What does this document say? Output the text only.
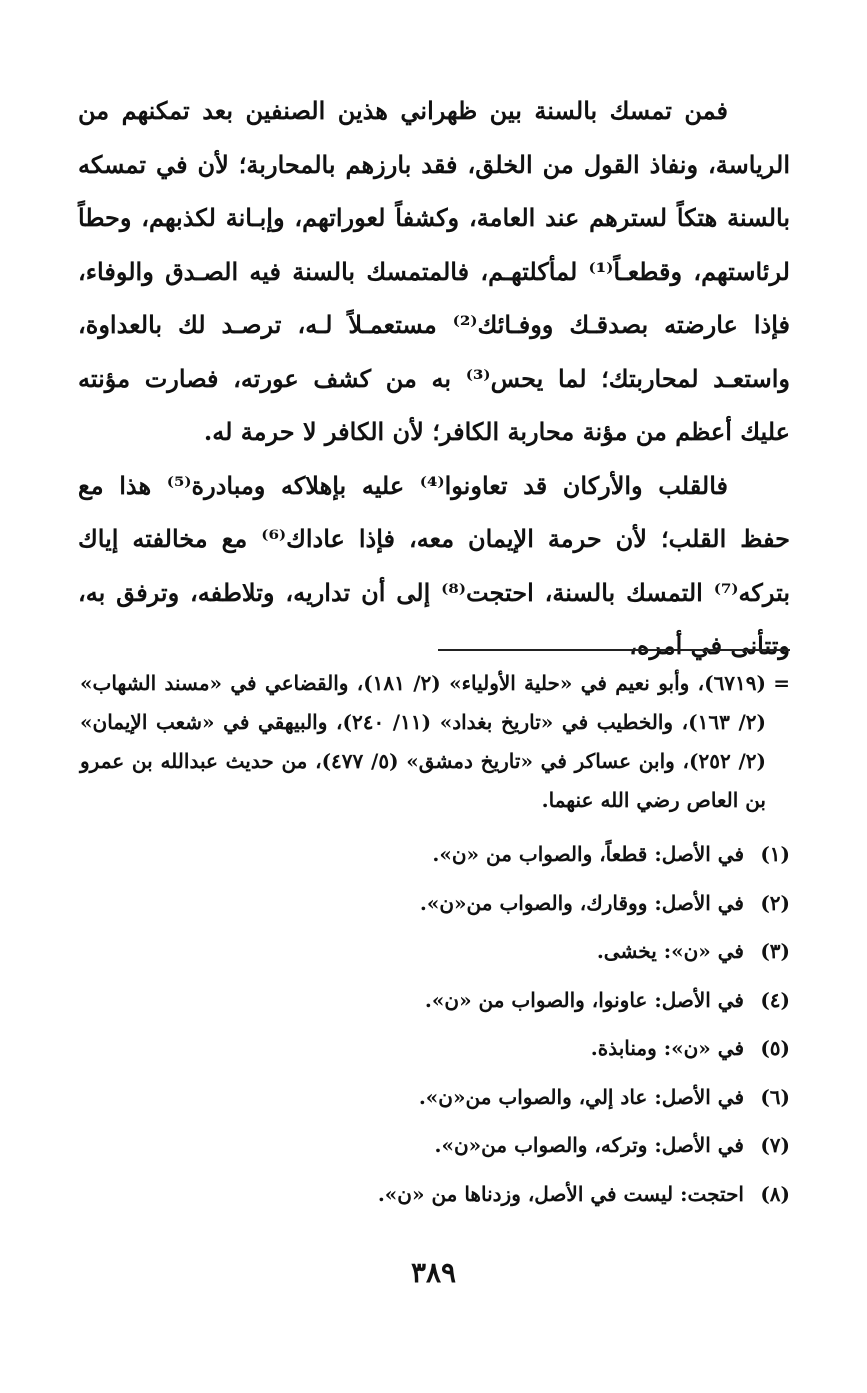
فمن تمسك بالسنة بين ظهراني هذين الصنفين بعد تمكنهم من الرياسة، ونفاذ القول من الخلق، فقد بارزهم بالمحاربة؛ لأن في تمسكه بالسنة هتكاً لسترهم عند العامة، وكشفاً لعوراتهم، وإبـانة لكذبهم، وحطاً لرئاستهم، وقطعـاً⁽¹⁾ لمأكلتهـم، فالمتمسك بالسنة فيه الصـدق والوفاء، فإذا عارضته بصدقـك ووفـائك⁽²⁾ مستعمـلاً لـه، ترصـد لك بالعداوة، واستعـد لمحاربتك؛ لما يحس⁽³⁾ به من كشف عورته، فصارت مؤنته عليك أعظم من مؤنة محاربة الكافر؛ لأن الكافر لا حرمة له.

فالقلب والأركان قد تعاونوا⁽⁴⁾ عليه بإهلاكه ومبادرة⁽⁵⁾ هذا مع حفظ القلب؛ لأن حرمة الإيمان معه، فإذا عاداك⁽⁶⁾ مع مخالفته إياك بتركه⁽⁷⁾ التمسك بالسنة، احتجت⁽⁸⁾ إلى أن تداريه، وتلاطفه، وترفق به، وتتأنى في أمره،

=
(٦٧١٩)، وأبو نعيم في «حلية الأولياء» (٢/ ١٨١)، والقضاعي في «مسند الشهاب» (٢/ ١٦٣)، والخطيب في «تاريخ بغداد» (١١/ ٢٤٠)، والبيهقي في «شعب الإيمان» (٢/ ٢٥٢)، وابن عساكر في «تاريخ دمشق» (٥/ ٤٧٧)، من حديث عبدالله بن عمرو بن العاص رضي الله عنهما.
(١)في الأصل: قطعاً، والصواب من «ن».
(٢)في الأصل: ووقارك، والصواب من«ن».
(٣)في «ن»: يخشى.
(٤)في الأصل: عاونوا، والصواب من «ن».
(٥)في «ن»: ومنابذة.
(٦)في الأصل: عاد إلي، والصواب من«ن».
(٧)في الأصل: وتركه، والصواب من«ن».
(٨)احتجت: ليست في الأصل، وزدناها من «ن».
٣٨٩
